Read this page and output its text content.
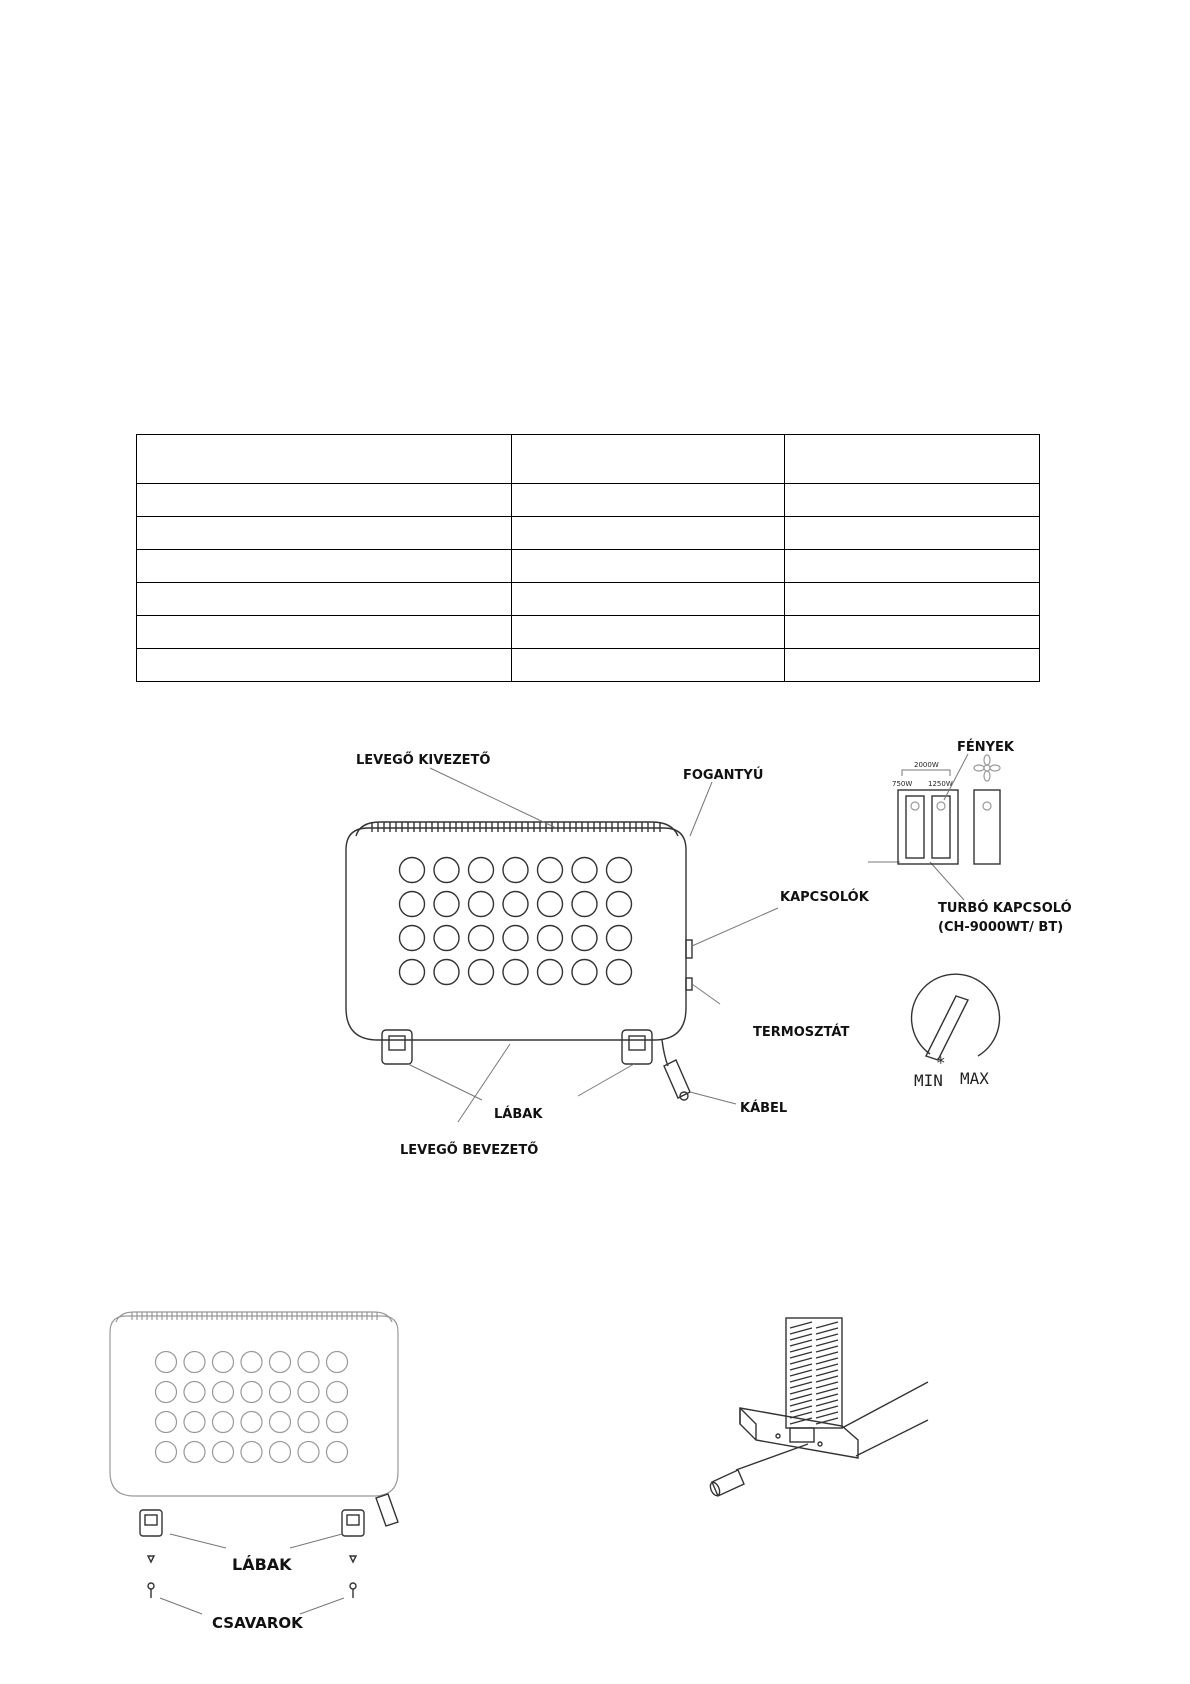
LEVEGŐ KIVEZETŐ
FOGANTYÚ
FÉNYEK
KAPCSOLÓK
TURBÓ KAPCSOLÓ
(CH-9000WT/ BT)
TERMOSZTÁT
LÁBAK	KÁBEL
LEVEGŐ BEVEZETŐ
2000W
750W 1250W
*
MIN MAX
LÁBAK
CSAVAROK
